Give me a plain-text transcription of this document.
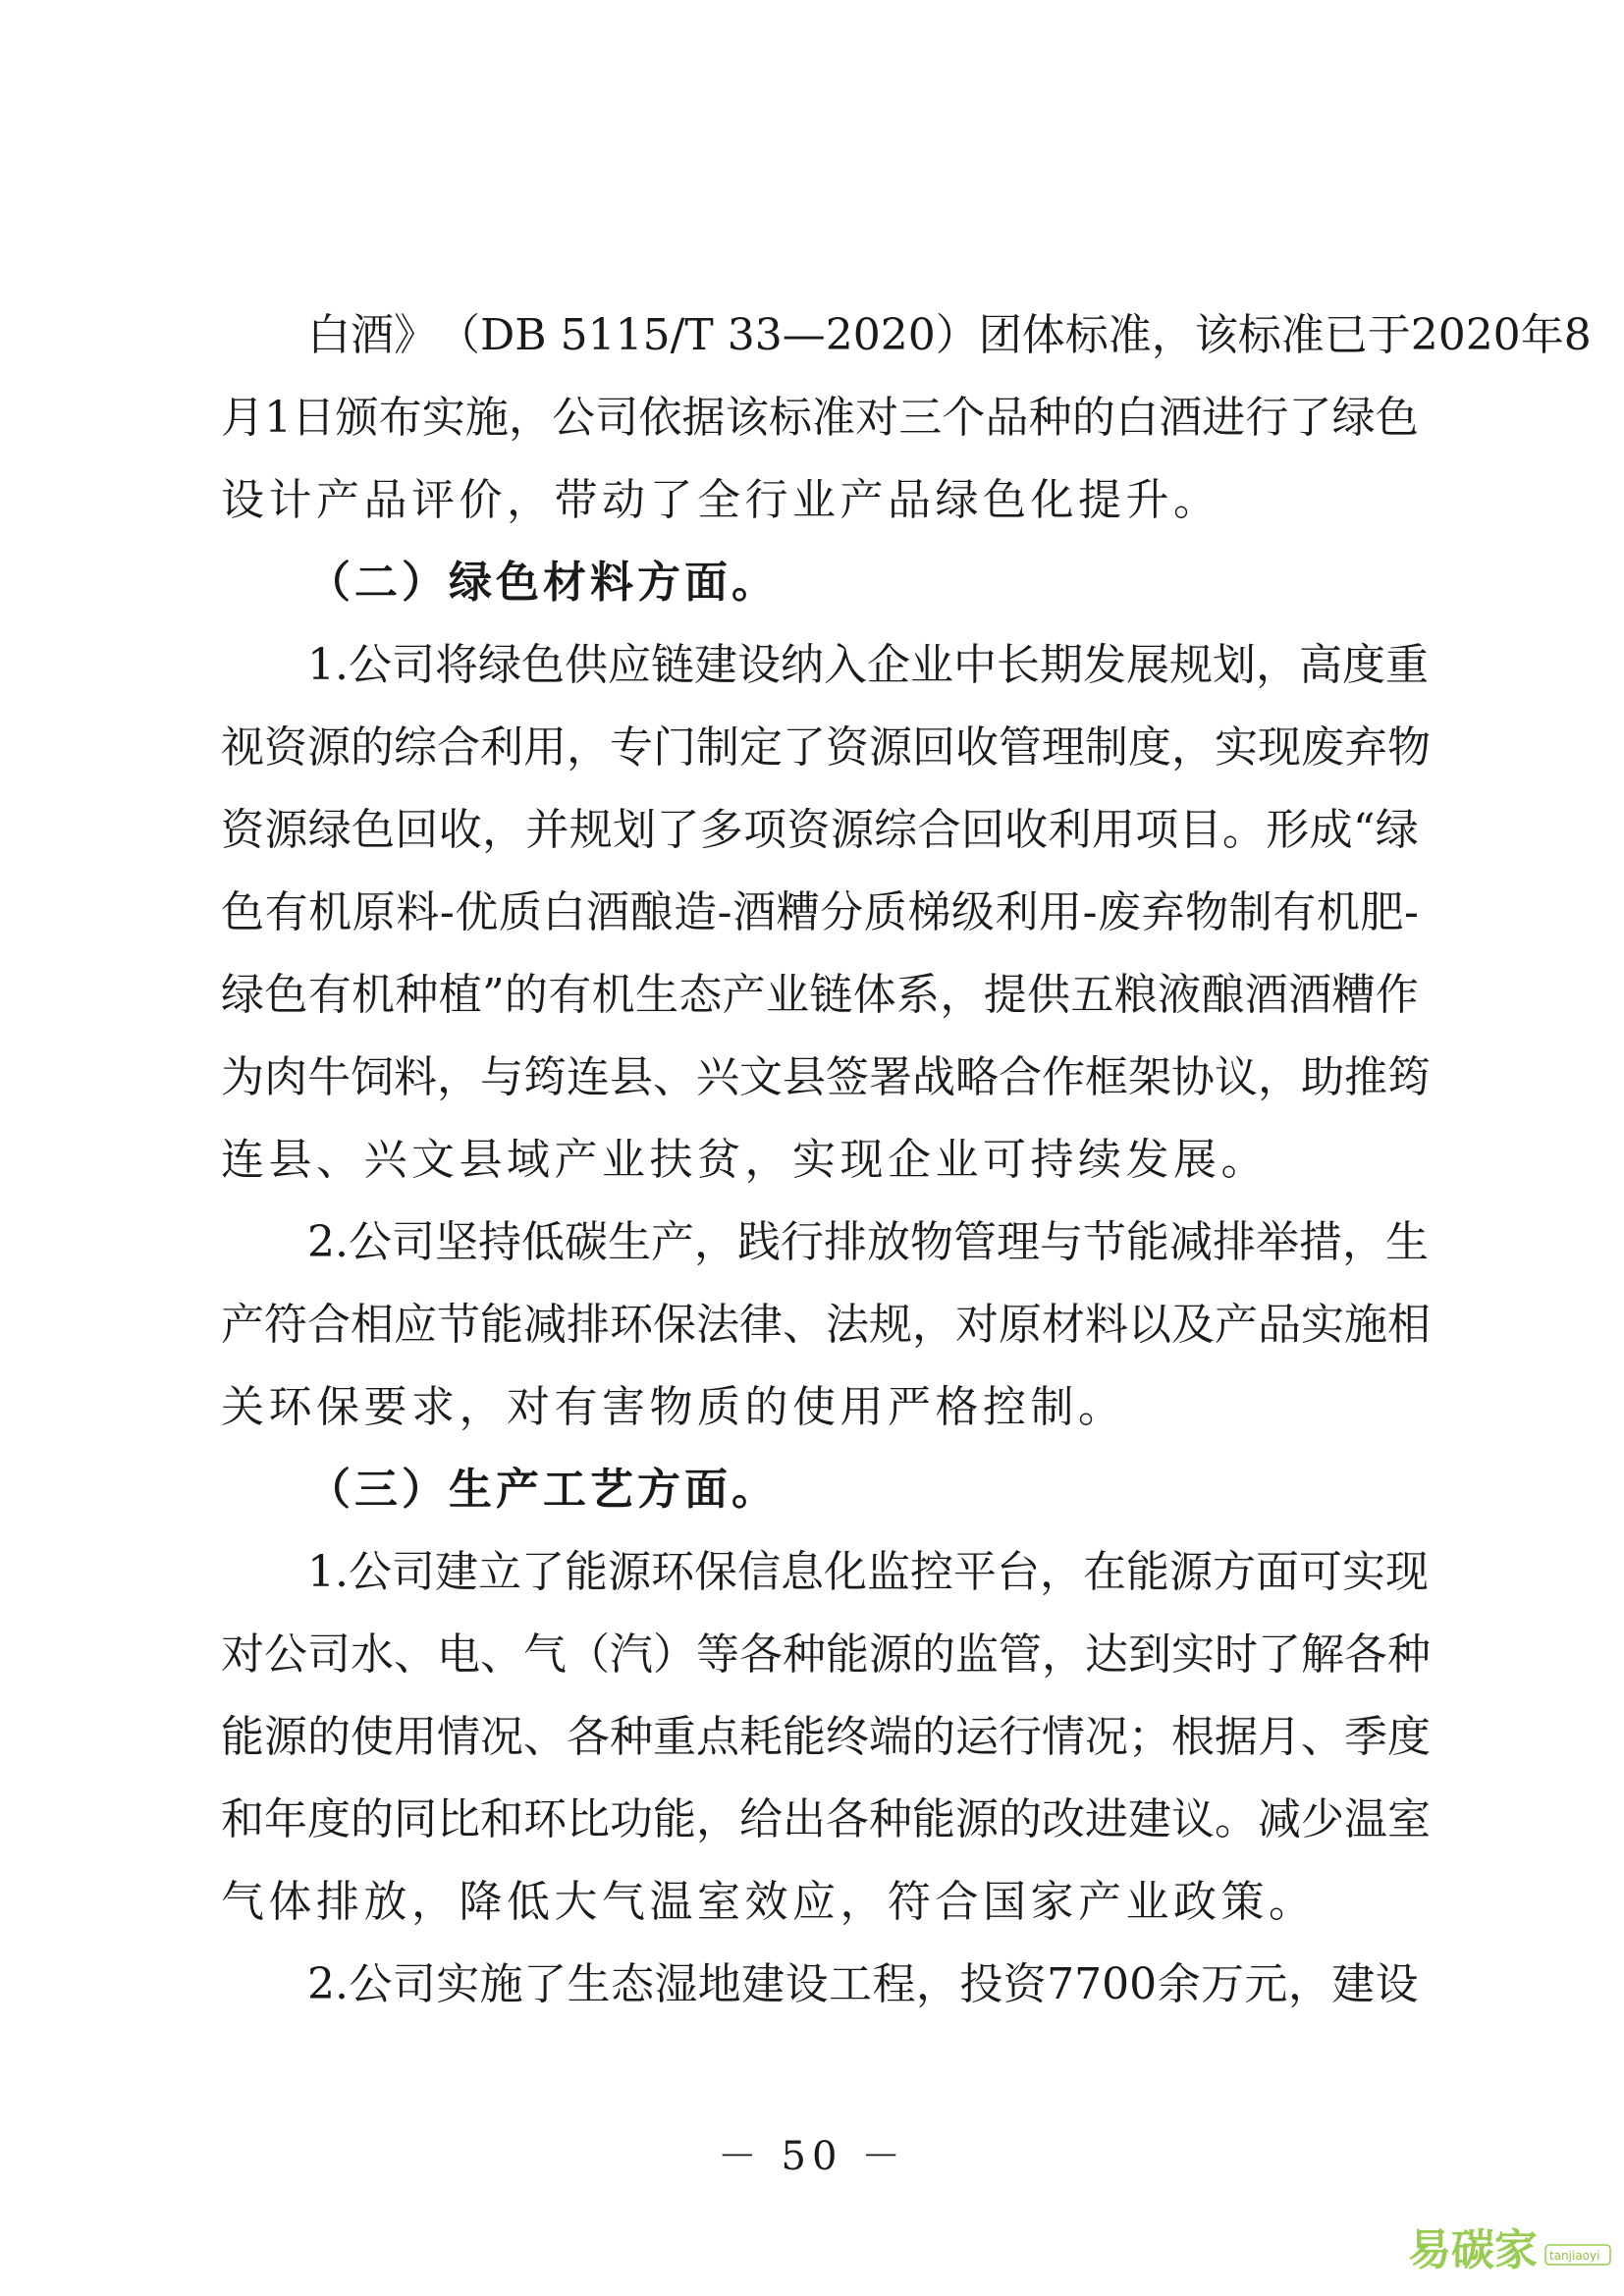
白 酒 》 （ DB 5115/T 33—2020 ） 团 体 标 准 ， 该 标 准 已 于 2020 年 8
月 1 日 颁 布 实 施 ， 公 司 依 据 该 标 准 对 三 个 品 种 的 白 酒 进 行 了 绿 色
设计产品评价，带动了全行业产品绿色化提升。
（二）绿色材料方面。
1. 公 司 将 绿 色 供 应 链 建 设 纳 入 企 业 中 长 期 发 展 规 划 ， 高 度 重
视 资 源 的 综 合 利 用 ， 专 门 制 定 了 资 源 回 收 管 理 制 度 ， 实 现 废 弃 物
资 源 绿 色 回 收 ， 并 规 划 了 多 项 资 源 综 合 回 收 利 用 项 目 。 形 成 “ 绿
色 有 机 原 料 - 优 质 白 酒 酿 造 - 酒 糟 分 质 梯 级 利 用 - 废 弃 物 制 有 机 肥 -
绿 色 有 机 种 植 ” 的 有 机 生 态 产 业 链 体 系 ， 提 供 五 粮 液 酿 酒 酒 糟 作
为 肉 牛 饲 料 ， 与 筠 连 县 、 兴 文 县 签 署 战 略 合 作 框 架 协 议 ， 助 推 筠
连县、兴文县域产业扶贫，实现企业可持续发展。
2. 公 司 坚 持 低 碳 生 产 ， 践 行 排 放 物 管 理 与 节 能 减 排 举 措 ， 生
产 符 合 相 应 节 能 减 排 环 保 法 律 、 法 规 ， 对 原 材 料 以 及 产 品 实 施 相
关环保要求，对有害物质的使用严格控制。
（三）生产工艺方面。
1. 公 司 建 立 了 能 源 环 保 信 息 化 监 控 平 台 ， 在 能 源 方 面 可 实 现
对 公 司 水 、 电 、 气 （ 汽 ） 等 各 种 能 源 的 监 管 ， 达 到 实 时 了 解 各 种
能 源 的 使 用 情 况 、 各 种 重 点 耗 能 终 端 的 运 行 情 况 ； 根 据 月 、 季 度
和 年 度 的 同 比 和 环 比 功 能 ， 给 出 各 种 能 源 的 改 进 建 议 。 减 少 温 室
气体排放，降低大气温室效应，符合国家产业政策。
2. 公 司 实 施 了 生 态 湿 地 建 设 工 程 ， 投 资 7700 余 万 元 ， 建 设
－ 50 －
易碳家 tanjiaoyi
